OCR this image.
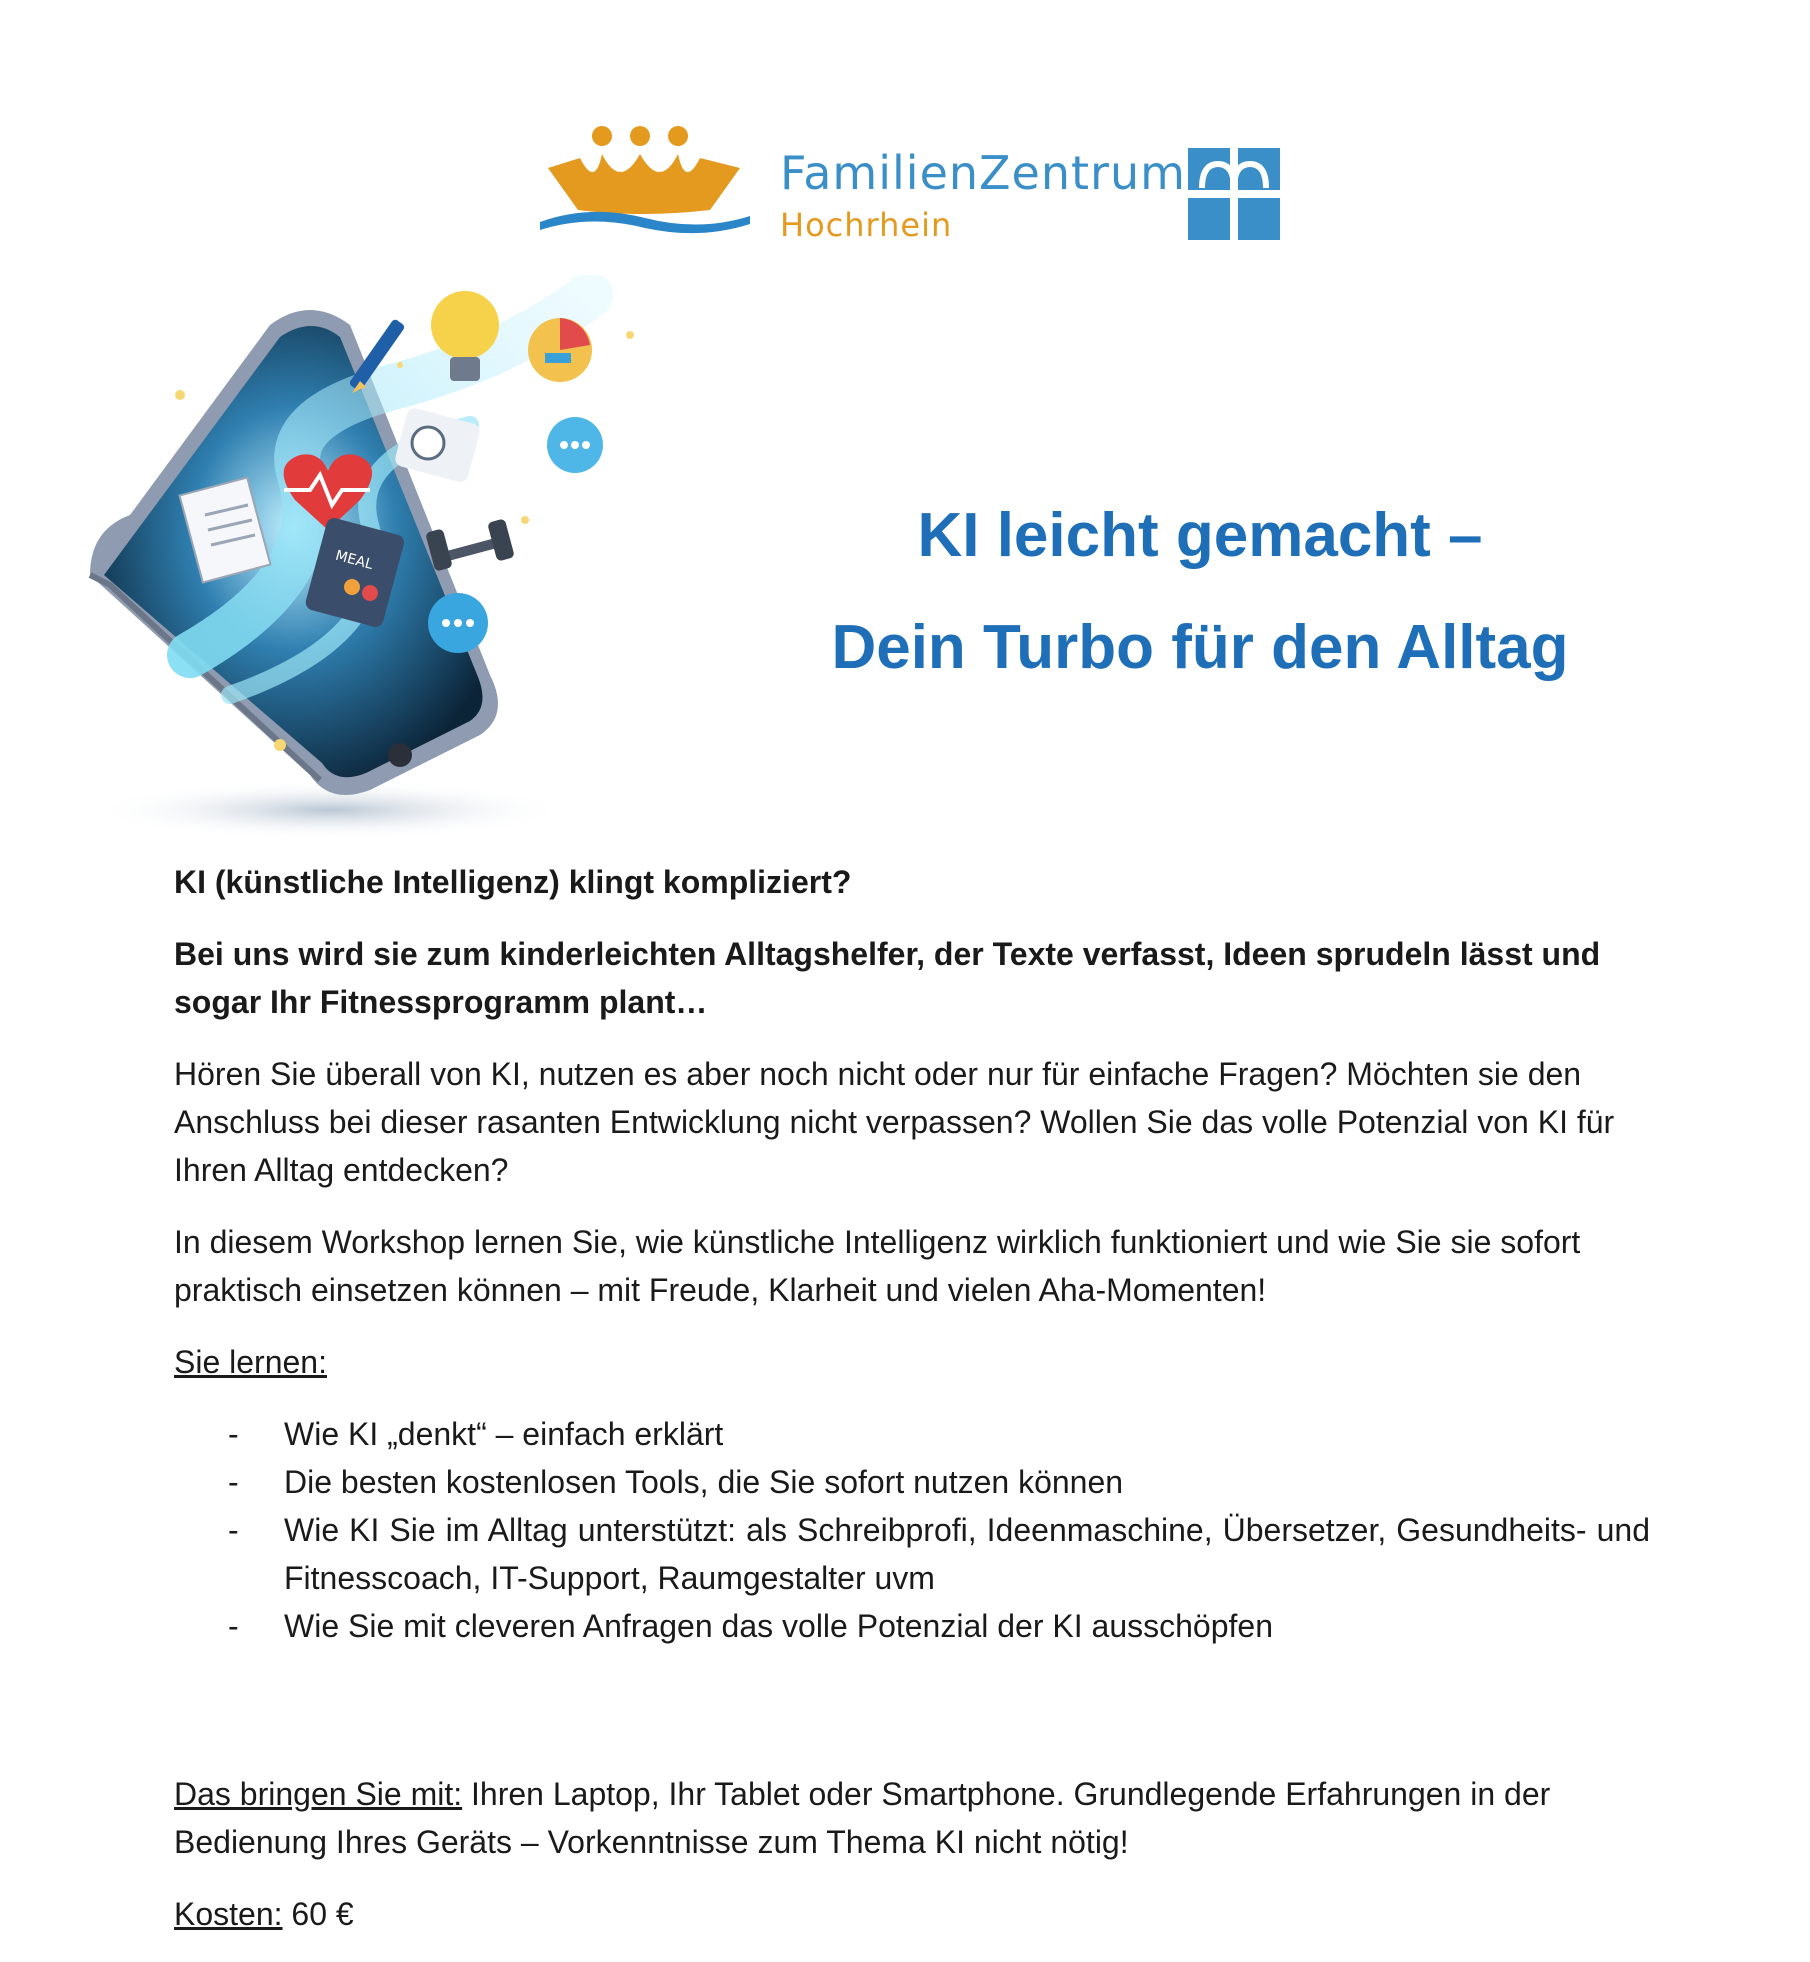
FamilienZentrum
Hochrhein
MEAL	KI leicht gemacht –
Dein Turbo für den Alltag

KI (künstliche Intelligenz) klingt kompliziert?

Bei uns wird sie zum kinderleichten Alltagshelfer, der Texte verfasst, Ideen sprudeln lässt und sogar Ihr Fitnessprogramm plant…

Hören Sie überall von KI, nutzen es aber noch nicht oder nur für einfache Fragen? Möchten sie den Anschluss bei dieser rasanten Entwicklung nicht verpassen? Wollen Sie das volle Potenzial von KI für Ihren Alltag entdecken?

In diesem Workshop lernen Sie, wie künstliche Intelligenz wirklich funktioniert und wie Sie sie sofort praktisch einsetzen können – mit Freude, Klarheit und vielen Aha-Momenten!

Sie lernen:

- Wie KI „denkt“ – einfach erklärt
- Die besten kostenlosen Tools, die Sie sofort nutzen können
- Wie KI Sie im Alltag unterstützt: als Schreibprofi, Ideenmaschine, Übersetzer, Gesundheits- und Fitnesscoach, IT-Support, Raumgestalter uvm
- Wie Sie mit cleveren Anfragen das volle Potenzial der KI ausschöpfen

Das bringen Sie mit: Ihren Laptop, Ihr Tablet oder Smartphone. Grundlegende Erfahrungen in der Bedienung Ihres Geräts – Vorkenntnisse zum Thema KI nicht nötig!

Kosten: 60 €
